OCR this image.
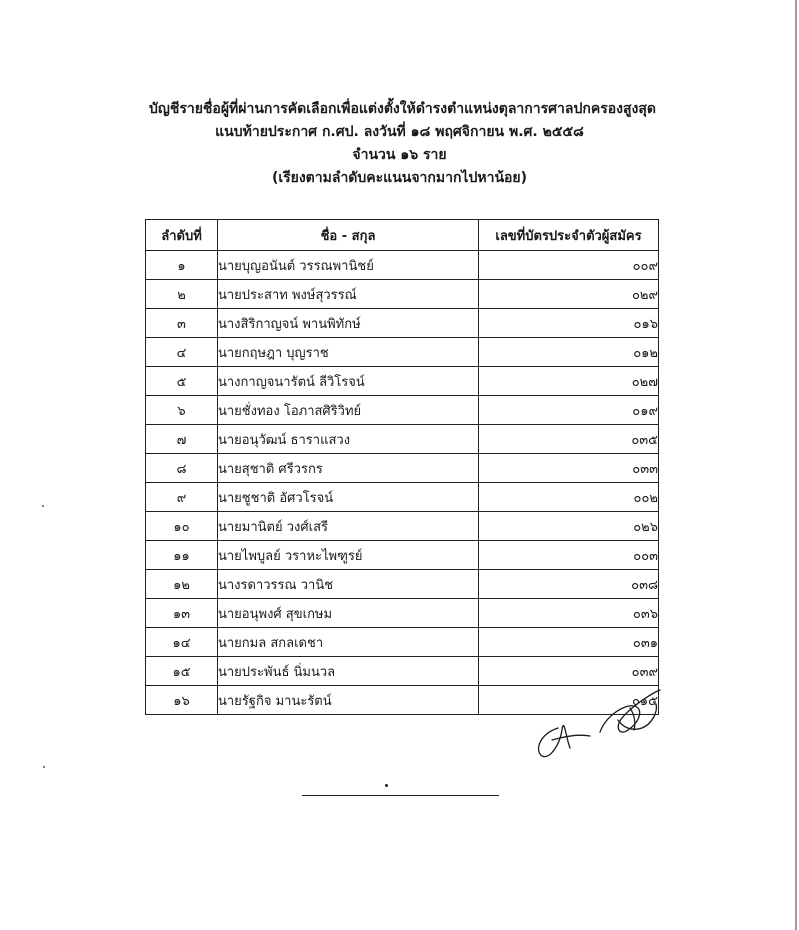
บัญชีรายชื่อผู้ที่ผ่านการคัดเลือกเพื่อแต่งตั้งให้ดำรงตำแหน่งตุลาการศาลปกครองสูงสุด
แนบท้ายประกาศ ก.ศป. ลงวันที่ ๑๘ พฤศจิกายน พ.ศ. ๒๕๕๘
จำนวน ๑๖ ราย
(เรียงตามลำดับคะแนนจากมากไปหาน้อย)
ลำดับที่	ชื่อ - สกุล	เลขที่บัตรประจำตัวผู้สมัคร
๑	นายบุญอนันต์ วรรณพานิชย์	๐๐๙
๒	นายประสาท พงษ์สุวรรณ์	๐๒๙
๓	นางสิริกาญจน์ พานพิทักษ์	๐๑๖
๔	นายกฤษฎา บุญราช	๐๑๒
๕	นางกาญจนารัตน์ ลีวิโรจน์	๐๒๗
๖	นายชั่งทอง โอภาสศิริวิทย์	๐๑๙
๗	นายอนุวัฒน์ ธาราแสวง	๐๓๕
๘	นายสุชาติ ศรีวรกร	๐๓๓
๙	นายชูชาติ อัศวโรจน์	๐๐๒
๑๐	นายมานิตย์ วงศ์เสรี	๐๒๖
๑๑	นายไพบูลย์ วราหะไพฑูรย์	๐๐๓
๑๒	นางรดาวรรณ วานิช	๐๓๘
๑๓	นายอนุพงศ์ สุขเกษม	๐๓๖
๑๔	นายกมล สกลเดชา	๐๓๑
๑๕	นายประพันธ์ นิ่มนวล	๐๓๙
๑๖	นายรัฐกิจ มานะรัตน์	๐๑๕
